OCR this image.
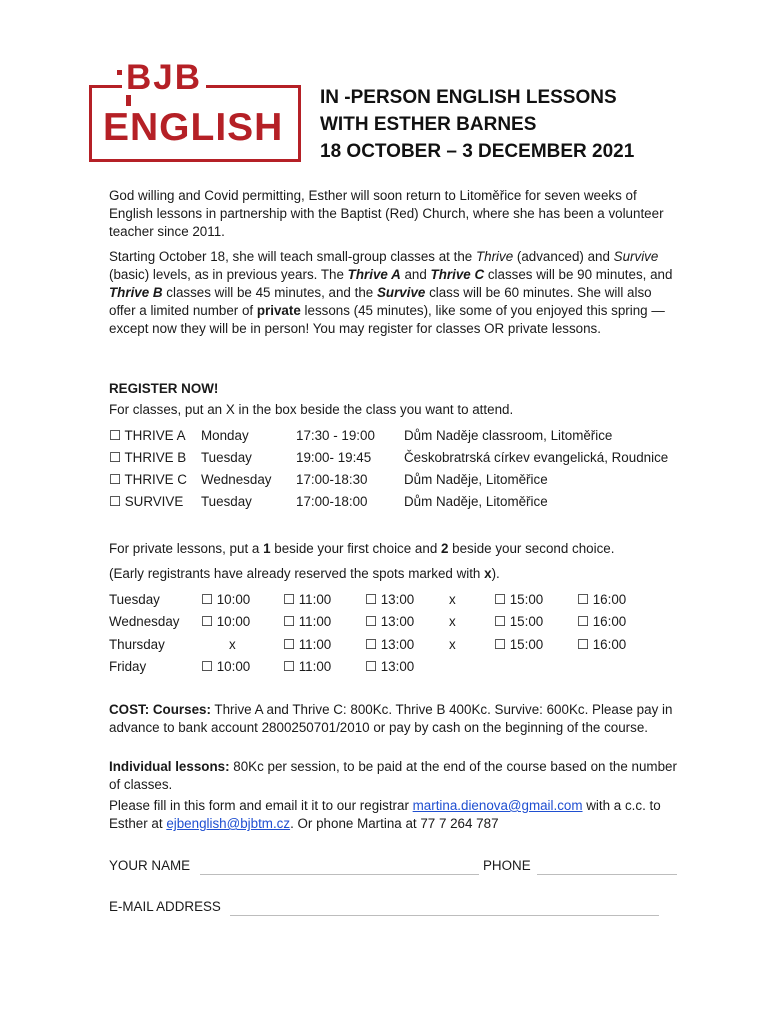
BJB
ENGLISH
IN -PERSON ENGLISH LESSONS
WITH ESTHER BARNES
18 OCTOBER – 3 DECEMBER 2021

God willing and Covid permitting, Esther will soon return to Litoměřice for seven weeks of English lessons in partnership with the Baptist (Red) Church, where she has been a volunteer teacher since 2011.

Starting October 18, she will teach small-group classes at the Thrive (advanced) and Survive (basic) levels, as in previous years. The Thrive A and Thrive C classes will be 90 minutes, and Thrive B classes will be 45 minutes, and the Survive class will be 60 minutes. She will also offer a limited number of private lessons (45 minutes), like some of you enjoyed this spring — except now they will be in person! You may register for classes OR private lessons.

REGISTER NOW!
For classes, put an X in the box beside the class you want to attend.
☐ THRIVE A Monday	17:30 - 19:00 Dům Naděje classroom, Litoměřice
☐ THRIVE B Tuesday	19:00- 19:45 Českobratrská církev evangelická, Roudnice
☐ THRIVE C Wednesday 17:00-18:30	Dům Naděje, Litoměřice
☐ SURVIVE Tuesday	17:00-18:00	Dům Naděje, Litoměřice
For private lessons, put a 1 beside your first choice and 2 beside your second choice.
(Early registrants have already reserved the spots marked with x).
Tuesday	☐ 10:00 ☐ 11:00	☐ 13:00	x	☐ 15:00	☐ 16:00
Wednesday ☐ 10:00 ☐ 11:00	☐ 13:00	x	☐ 15:00	☐ 16:00
Thursday	x	☐ 11:00	☐ 13:00	x	☐ 15:00	☐ 16:00
Friday	☐ 10:00 ☐ 11:00	☐ 13:00

COST: Courses: Thrive A and Thrive C: 800Kc. Thrive B 400Kc. Survive: 600Kc. Please pay in advance to bank account 2800250701/2010 or pay by cash on the beginning of the course.

Individual lessons: 80Kc per session, to be paid at the end of the course based on the number of classes.

Please fill in this form and email it it to our registrar martina.dienova@gmail.com with a c.c. to Esther at ejbenglish@bjbtm.cz. Or phone Martina at 77 7 264 787

YOUR NAME	PHONE
E-MAIL ADDRESS
